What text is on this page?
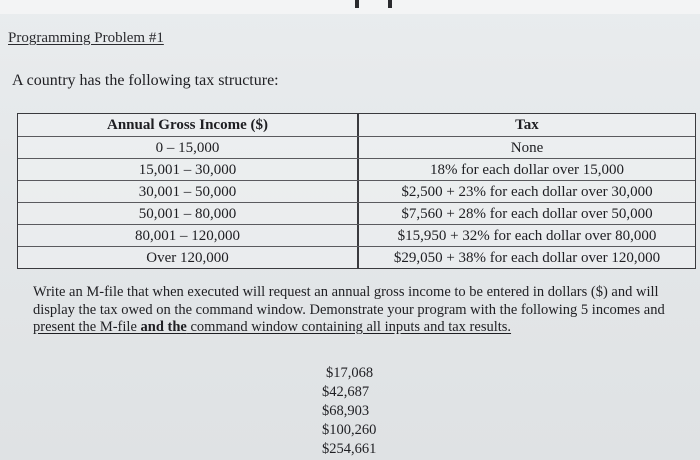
Programming Problem #1
A country has the following tax structure:
Annual Gross Income ($)	Tax
0 – 15,000	None
15,001 – 30,000	18% for each dollar over 15,000
30,001 – 50,000	$2,500 + 23% for each dollar over 30,000
50,001 – 80,000	$7,560 + 28% for each dollar over 50,000
80,001 – 120,000	$15,950 + 32% for each dollar over 80,000
Over 120,000	$29,050 + 38% for each dollar over 120,000
Write an M-file that when executed will request an annual gross income to be entered in dollars ($) and will display the tax owed on the command window. Demonstrate your program with the following 5 incomes and present the M-file and the command window containing all inputs and tax results.
$17,068
$42,687
$68,903
$100,260
$254,661
